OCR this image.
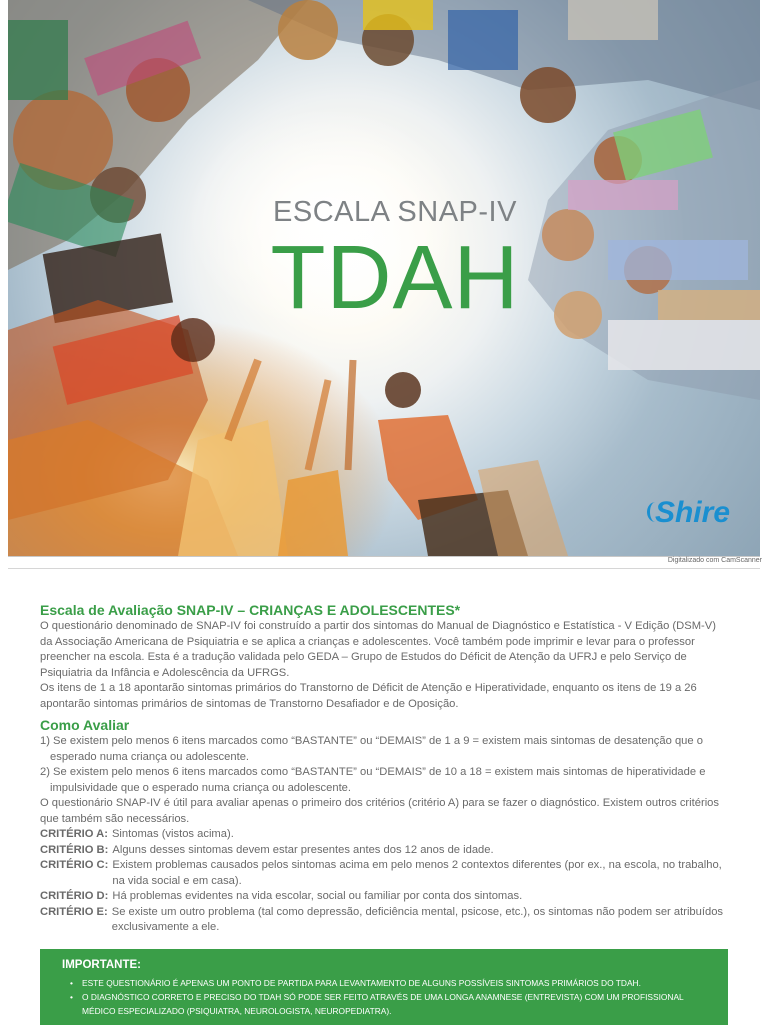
ESCALA SNAP-IV
TDAH
Shire
Digitalizado com CamScanner
Escala de Avaliação SNAP-IV – CRIANÇAS E ADOLESCENTES*

O questionário denominado de SNAP-IV foi construído a partir dos sintomas do Manual de Diagnóstico e Estatística - V Edição (DSM-V) da Associação Americana de Psiquiatria e se aplica a crianças e adolescentes. Você também pode imprimir e levar para o professor preencher na escola. Esta é a tradução validada pelo GEDA – Grupo de Estudos do Déficit de Atenção da UFRJ e pelo Serviço de Psiquiatria da Infância e Adolescência da UFRGS.

Os itens de 1 a 18 apontarão sintomas primários do Transtorno de Déficit de Atenção e Hiperatividade, enquanto os itens de 19 a 26 apontarão sintomas primários de sintomas de Transtorno Desafiador e de Oposição.

Como Avaliar
1) Se existem pelo menos 6 itens marcados como “BASTANTE” ou “DEMAIS” de 1 a 9 = existem mais sintomas de desatenção que o esperado numa criança ou adolescente.
2) Se existem pelo menos 6 itens marcados como “BASTANTE” ou “DEMAIS” de 10 a 18 = existem mais sintomas de hiperatividade e impulsividade que o esperado numa criança ou adolescente.

O questionário SNAP-IV é útil para avaliar apenas o primeiro dos critérios (critério A) para se fazer o diagnóstico. Existem outros critérios que também são necessários.

CRITÉRIO A: Sintomas (vistos acima).
CRITÉRIO B: Alguns desses sintomas devem estar presentes antes dos 12 anos de idade.
CRITÉRIO C: Existem problemas causados pelos sintomas acima em pelo menos 2 contextos diferentes (por ex., na escola, no trabalho, na vida social e em casa).
CRITÉRIO D: Há problemas evidentes na vida escolar, social ou familiar por conta dos sintomas.
CRITÉRIO E: Se existe um outro problema (tal como depressão, deficiência mental, psicose, etc.), os sintomas não podem ser atribuídos exclusivamente a ele.
IMPORTANTE:
• ESTE QUESTIONÁRIO É APENAS UM PONTO DE PARTIDA PARA LEVANTAMENTO DE ALGUNS POSSÍVEIS SINTOMAS PRIMÁRIOS DO TDAH.
• O DIAGNÓSTICO CORRETO E PRECISO DO TDAH SÓ PODE SER FEITO ATRAVÉS DE UMA LONGA ANAMNESE (ENTREVISTA) COM UM PROFISSIONAL MÉDICO ESPECIALIZADO (PSIQUIATRA, NEUROLOGISTA, NEUROPEDIATRA).
